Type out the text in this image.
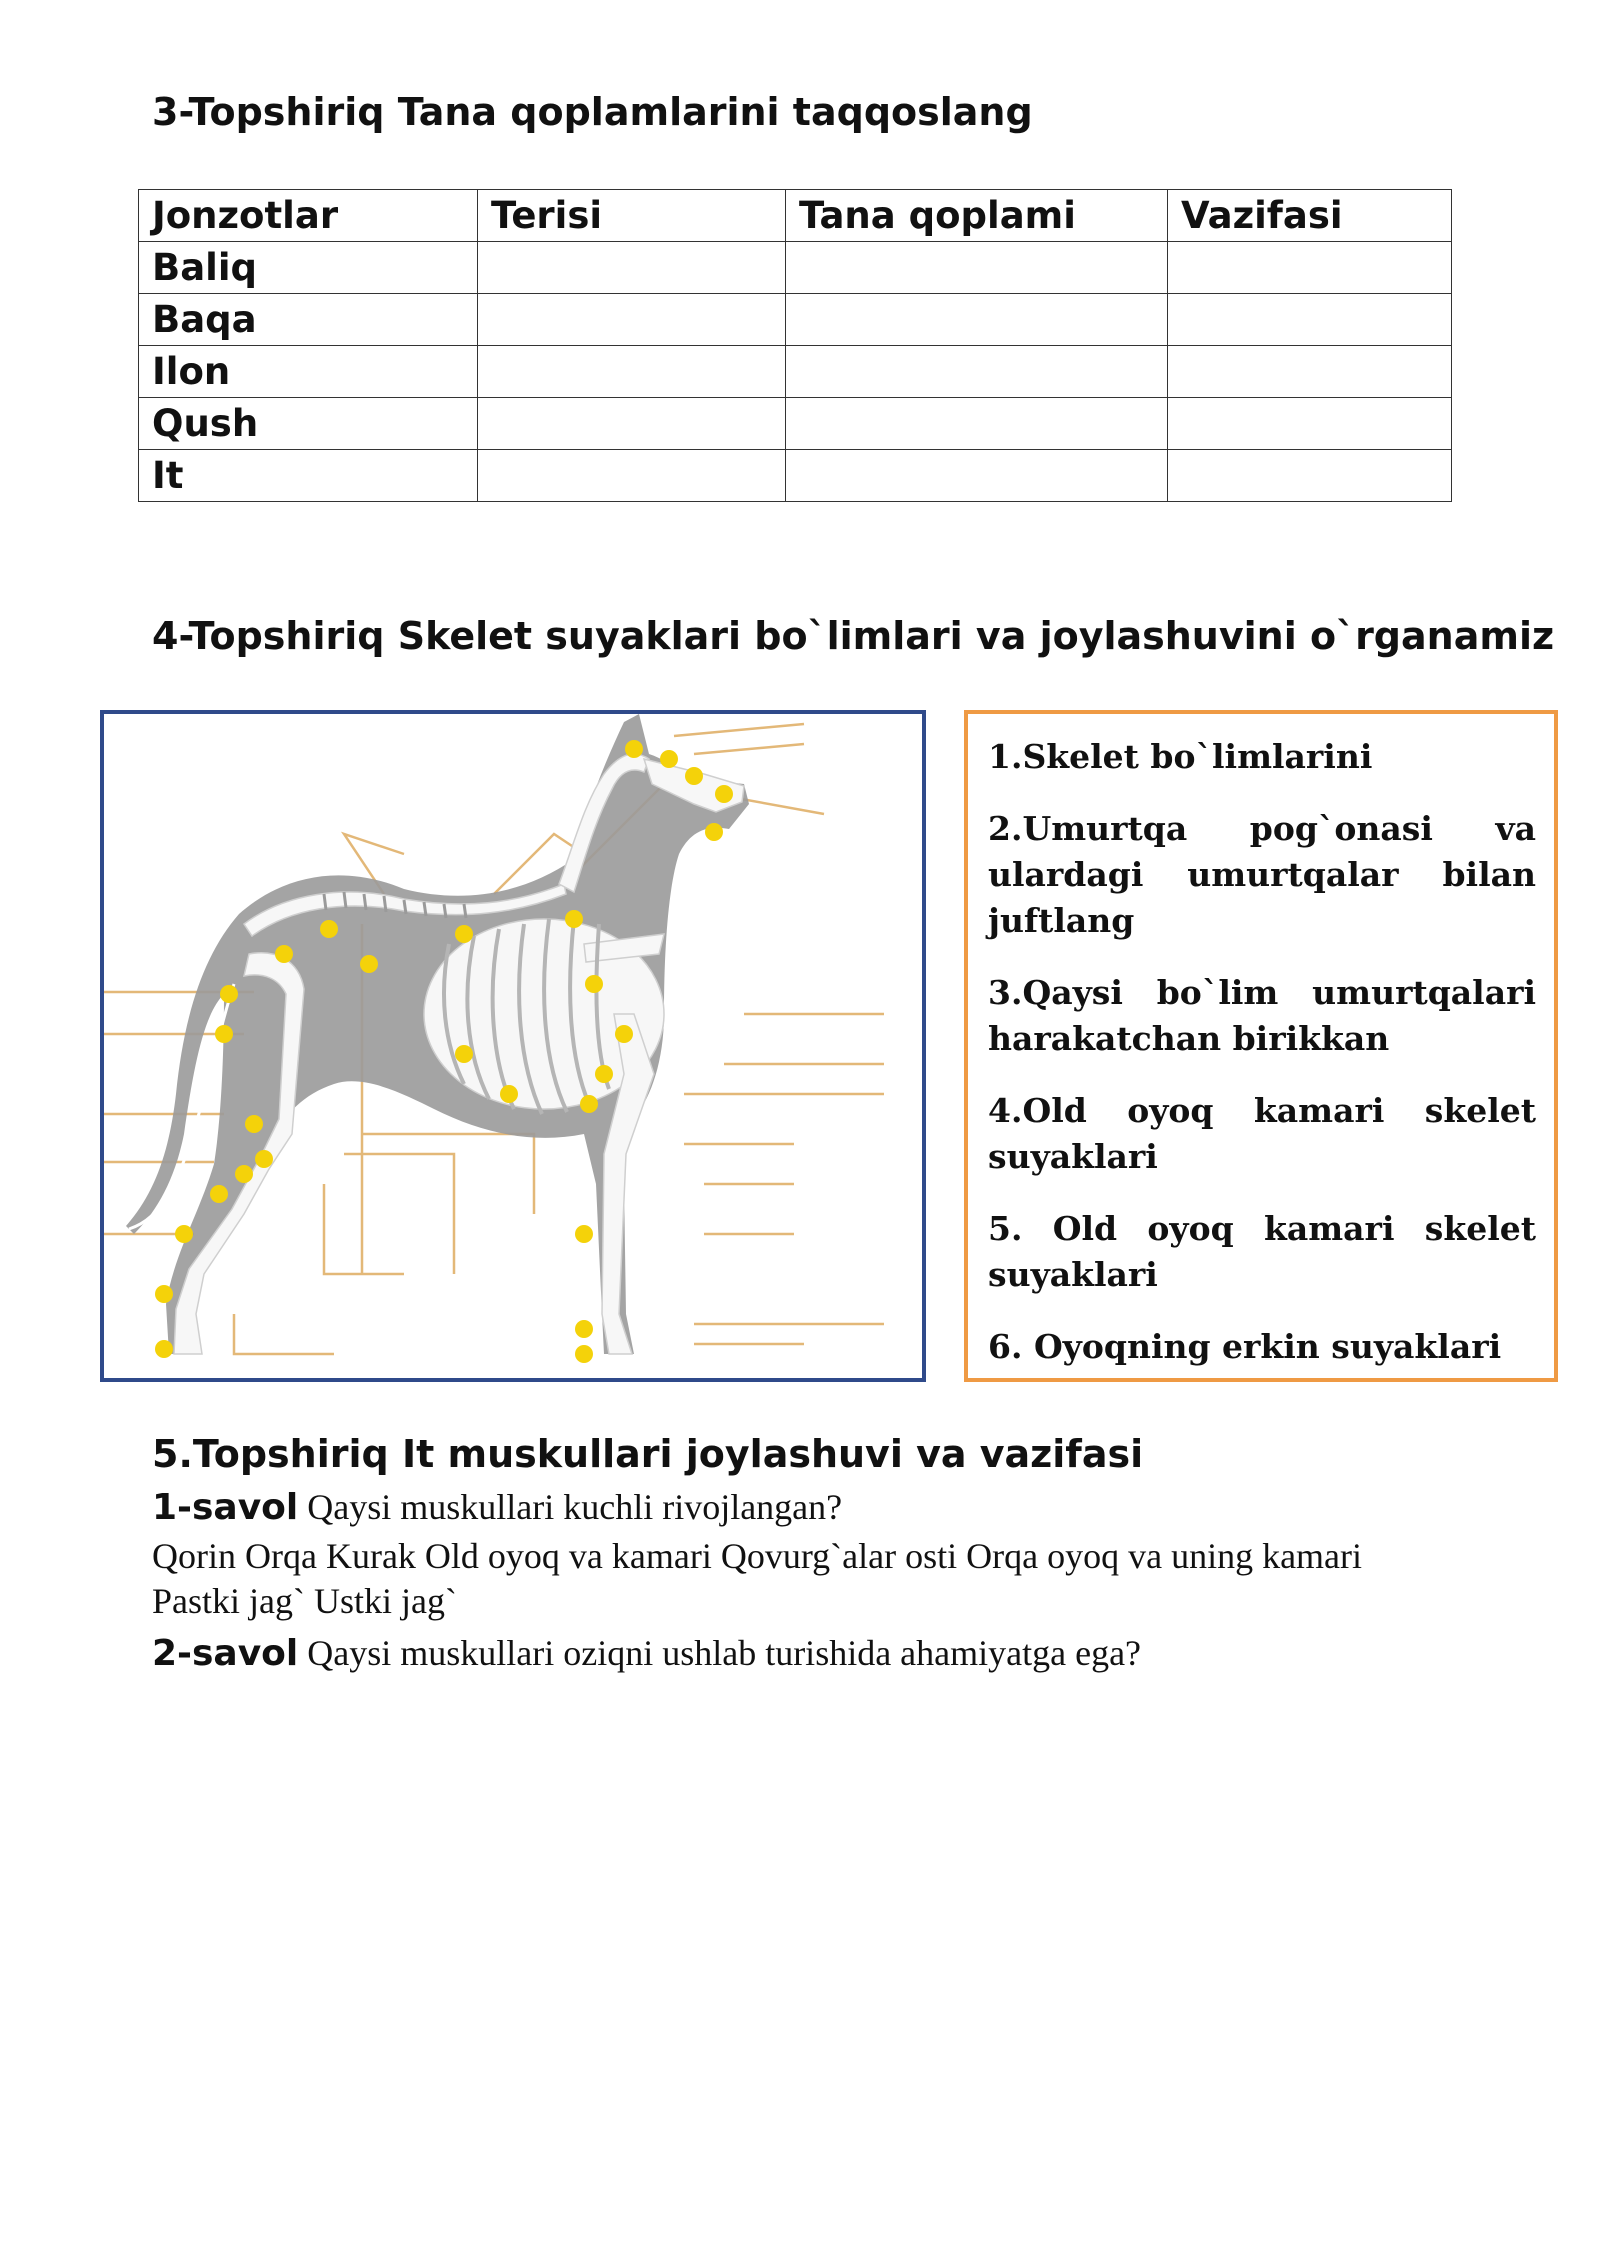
3-Topshiriq Tana qoplamlarini taqqoslang
Jonzotlar	Terisi	Tana qoplami	Vazifasi
Baliq			
Baqa			
Ilon			
Qush			
It			
4-Topshiriq Skelet suyaklari bo`limlari va joylashuvini o`rganamiz
1.Skelet bo`limlarini
2.Umurtqa pog`onasi va ulardagi umurtqalar bilan juftlang
3.Qaysi bo`lim umurtqalari harakatchan birikkan
4.Old oyoq kamari skelet suyaklari
5. Old oyoq kamari skelet suyaklari
6. Oyoqning erkin suyaklari
5.Topshiriq It muskullari joylashuvi va vazifasi
1-savol Qaysi muskullari kuchli rivojlangan?
Qorin Orqa Kurak Old oyoq va kamari Qovurg`alar osti Orqa oyoq va uning kamari
Pastki jag` Ustki jag`
2-savol Qaysi muskullari oziqni ushlab turishida ahamiyatga ega?
